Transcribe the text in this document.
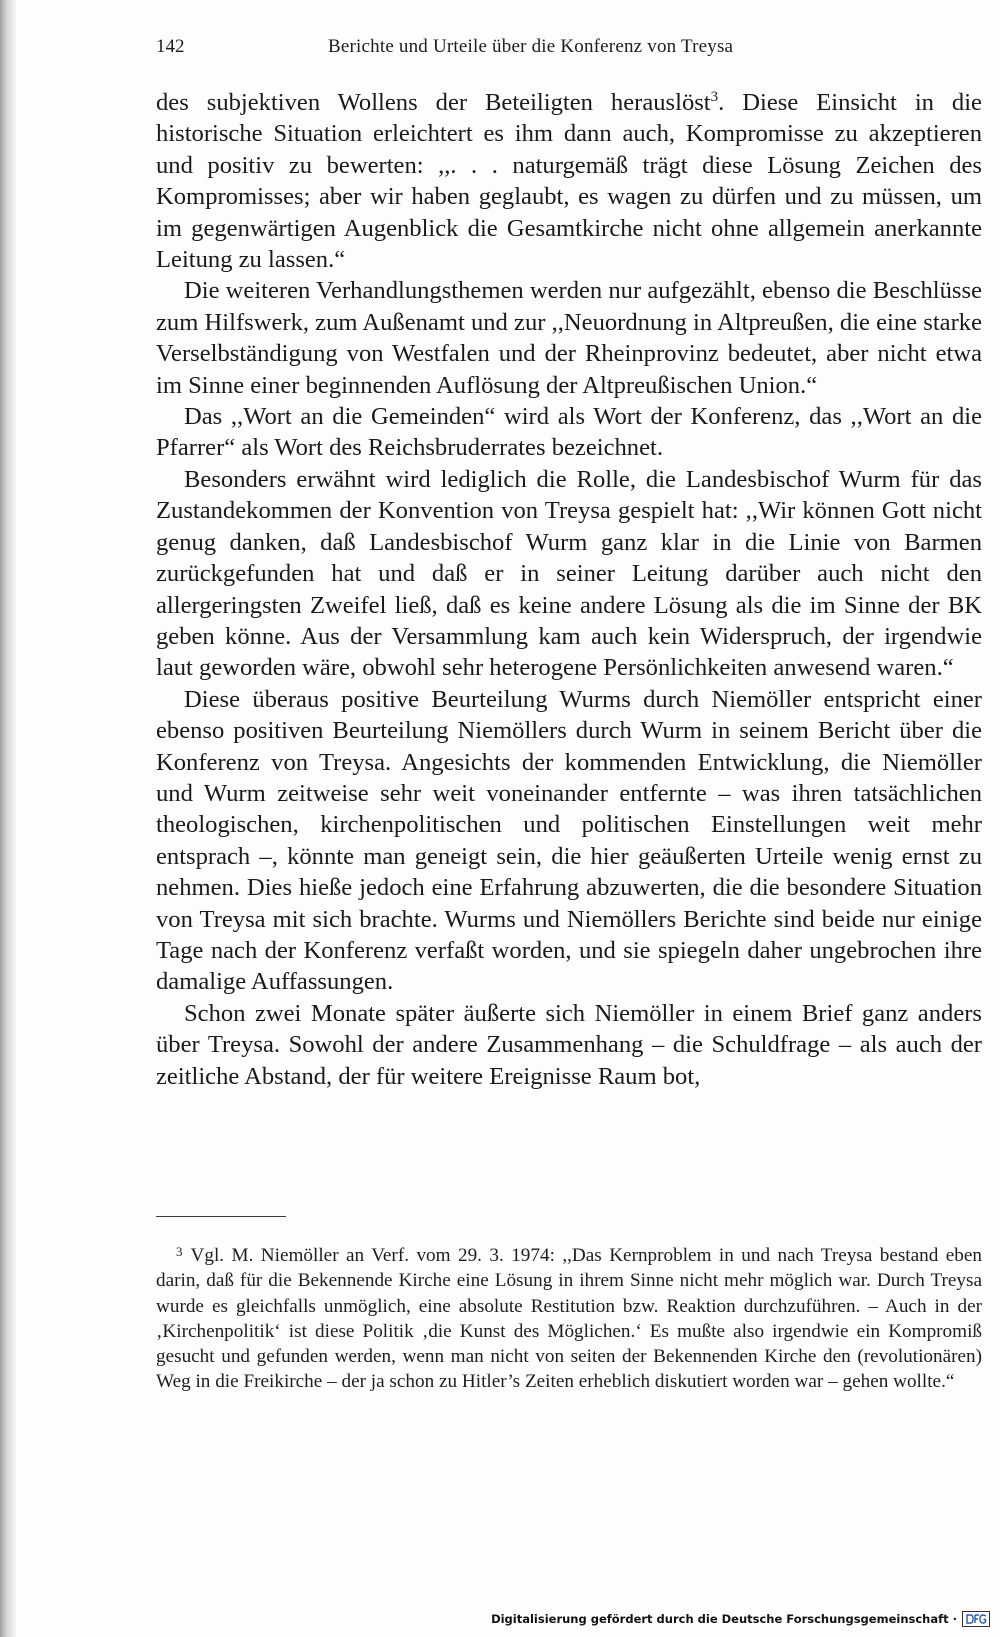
142	Berichte und Urteile über die Konferenz von Treysa

des subjektiven Wollens der Beteiligten herauslöst$^3$. Diese Einsicht in die historische Situation erleichtert es ihm dann auch, Kompromisse zu akzeptieren und positiv zu bewerten: ,,. . . naturgemäß trägt diese Lösung Zeichen des Kompromisses; aber wir haben geglaubt, es wagen zu dürfen und zu müssen, um im gegenwärtigen Augenblick die Gesamtkirche nicht ohne allgemein anerkannte Leitung zu lassen.“

Die weiteren Verhandlungsthemen werden nur aufgezählt, ebenso die Beschlüsse zum Hilfswerk, zum Außenamt und zur ,,Neuordnung in Altpreußen, die eine starke Verselbständigung von Westfalen und der Rheinprovinz bedeutet, aber nicht etwa im Sinne einer beginnenden Auflösung der Altpreußischen Union.“

Das ,,Wort an die Gemeinden“ wird als Wort der Konferenz, das ,,Wort an die Pfarrer“ als Wort des Reichsbruderrates bezeichnet.

Besonders erwähnt wird lediglich die Rolle, die Landesbischof Wurm für das Zustandekommen der Konvention von Treysa gespielt hat: ,,Wir können Gott nicht genug danken, daß Landesbischof Wurm ganz klar in die Linie von Barmen zurückgefunden hat und daß er in seiner Leitung darüber auch nicht den allergeringsten Zweifel ließ, daß es keine andere Lösung als die im Sinne der BK geben könne. Aus der Versammlung kam auch kein Widerspruch, der irgendwie laut geworden wäre, obwohl sehr heterogene Persönlichkeiten anwesend waren.“

Diese überaus positive Beurteilung Wurms durch Niemöller entspricht einer ebenso positiven Beurteilung Niemöllers durch Wurm in seinem Bericht über die Konferenz von Treysa. Angesichts der kommenden Entwicklung, die Niemöller und Wurm zeitweise sehr weit voneinander entfernte – was ihren tatsächlichen theologischen, kirchenpolitischen und politischen Einstellungen weit mehr entsprach –, könnte man geneigt sein, die hier geäußerten Urteile wenig ernst zu nehmen. Dies hieße jedoch eine Erfahrung abzuwerten, die die besondere Situation von Treysa mit sich brachte. Wurms und Niemöllers Berichte sind beide nur einige Tage nach der Konferenz verfaßt worden, und sie spiegeln daher ungebrochen ihre damalige Auffassungen.

Schon zwei Monate später äußerte sich Niemöller in einem Brief ganz anders über Treysa. Sowohl der andere Zusammenhang – die Schuldfrage – als auch der zeitliche Abstand, der für weitere Ereignisse Raum bot,

$^3$ Vgl. M. Niemöller an Verf. vom 29. 3. 1974: ,,Das Kernproblem in und nach Treysa bestand eben darin, daß für die Bekennende Kirche eine Lösung in ihrem Sinne nicht mehr möglich war. Durch Treysa wurde es gleichfalls unmöglich, eine absolute Restitution bzw. Reaktion durchzuführen. – Auch in der ‚Kirchenpolitik‘ ist diese Politik ‚die Kunst des Möglichen.‘ Es mußte also irgendwie ein Kompromiß gesucht und gefunden werden, wenn man nicht von seiten der Bekennenden Kirche den (revolutionären) Weg in die Freikirche – der ja schon zu Hitler’s Zeiten erheblich diskutiert worden war – gehen wollte.“

Digitalisierung gefördert durch die Deutsche Forschungsgemeinschaft ·
